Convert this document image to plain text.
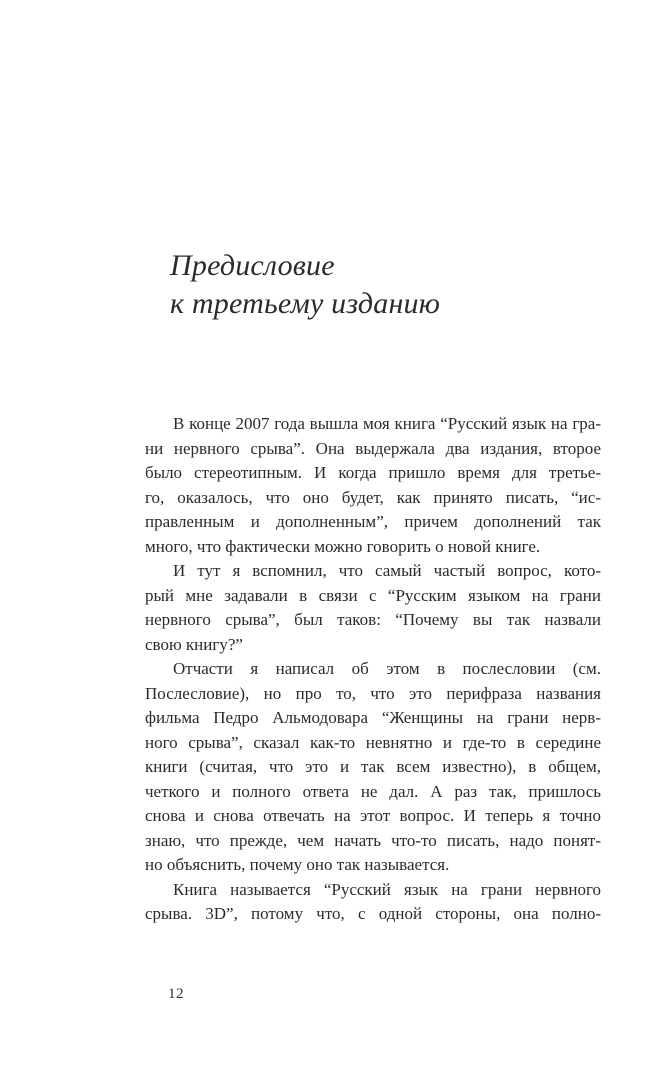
Предисловие
к третьему изданию
В конце 2007 года вышла моя книга “Русский язык на гра-
ни нервного срыва”. Она выдержала два издания, второе
было стереотипным. И когда пришло время для третье-
го, оказалось, что оно будет, как принято писать, “ис-
правленным и дополненным”, причем дополнений так
много, что фактически можно говорить о новой книге.
И тут я вспомнил, что самый частый вопрос, кото-
рый мне задавали в связи с “Русским языком на грани
нервного срыва”, был таков: “Почему вы так назвали
свою книгу?”
Отчасти я написал об этом в послесловии (см.
Послесловие), но про то, что это перифраза названия
фильма Педро Альмодовара “Женщины на грани нерв-
ного срыва”, сказал как-то невнятно и где-то в середине
книги (считая, что это и так всем известно), в общем,
четкого и полного ответа не дал. А раз так, пришлось
снова и снова отвечать на этот вопрос. И теперь я точно
знаю, что прежде, чем начать что-то писать, надо понят-
но объяснить, почему оно так называется.
Книга называется “Русский язык на грани нервного
срыва. 3D”, потому что, с одной стороны, она полно-
12
